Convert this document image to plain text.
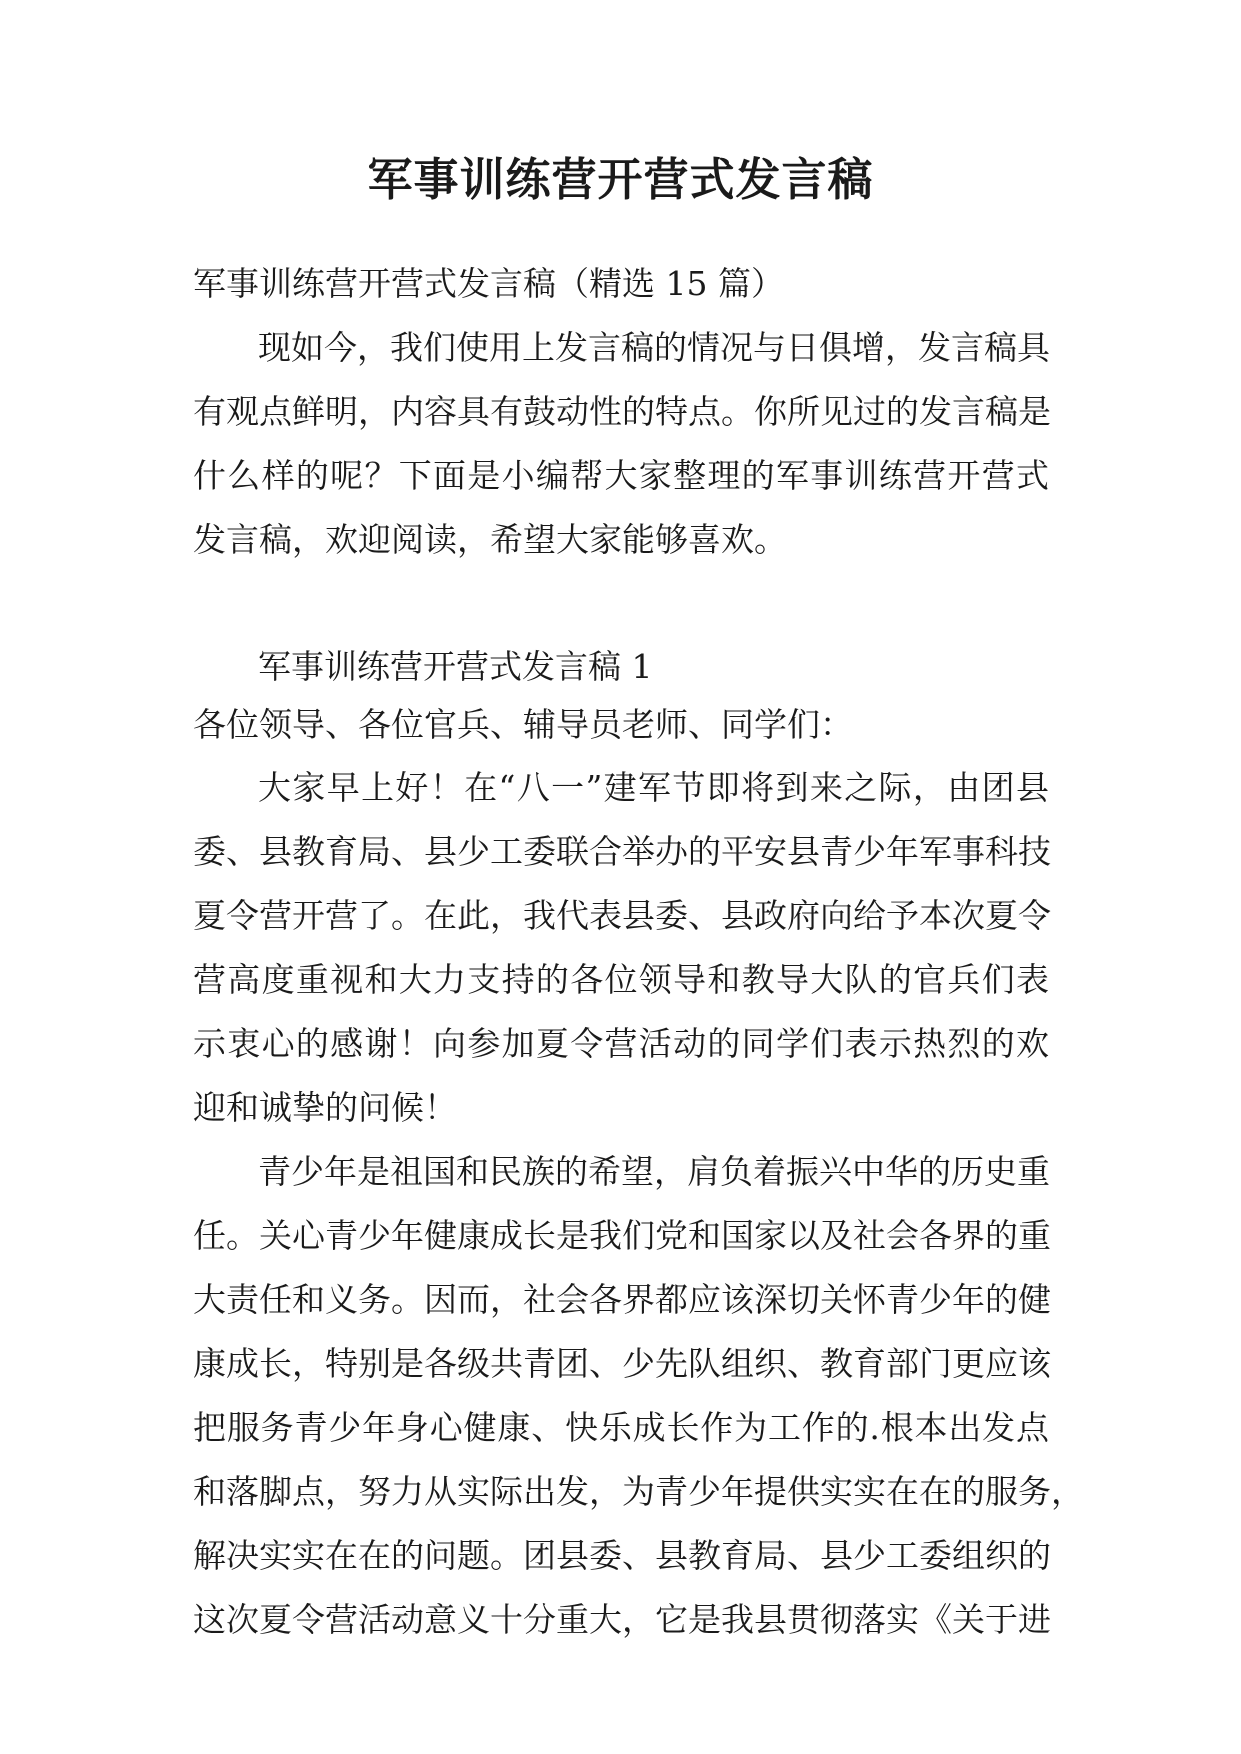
军事训练营开营式发言稿

军事训练营开营式发言稿（精选 15 篇）

现如今，我们使用上发言稿的情况与日俱增，发言稿具

有观点鲜明，内容具有鼓动性的特点。你所见过的发言稿是

什么样的呢？下面是小编帮大家整理的军事训练营开营式

发言稿，欢迎阅读，希望大家能够喜欢。

军事训练营开营式发言稿 1

各位领导、各位官兵、辅导员老师、同学们：

大家早上好！在“八一”建军节即将到来之际，由团县

委、县教育局、县少工委联合举办的平安县青少年军事科技

夏令营开营了。在此，我代表县委、县政府向给予本次夏令

营高度重视和大力支持的各位领导和教导大队的官兵们表

示衷心的感谢！向参加夏令营活动的同学们表示热烈的欢

迎和诚挚的问候！

青少年是祖国和民族的希望，肩负着振兴中华的历史重

任。关心青少年健康成长是我们党和国家以及社会各界的重

大责任和义务。因而，社会各界都应该深切关怀青少年的健

康成长，特别是各级共青团、少先队组织、教育部门更应该

把服务青少年身心健康、快乐成长作为工作的.根本出发点

和落脚点，努力从实际出发，为青少年提供实实在在的服务，

解决实实在在的问题。团县委、县教育局、县少工委组织的

这次夏令营活动意义十分重大，它是我县贯彻落实《关于进
